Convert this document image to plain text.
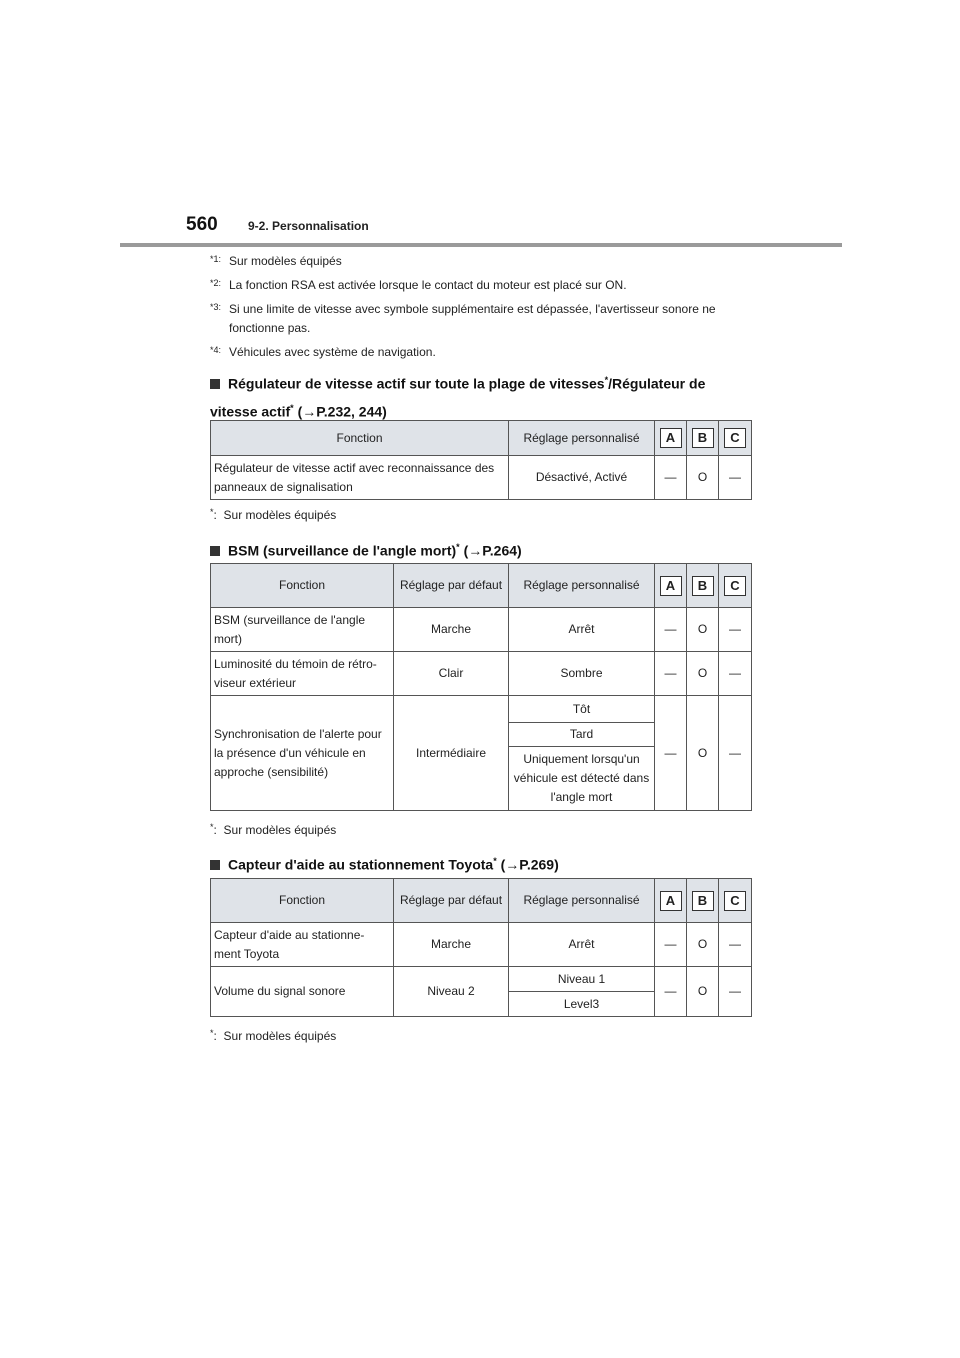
560	9-2. Personnalisation
*1: Sur modèles équipés
*2: La fonction RSA est activée lorsque le contact du moteur est placé sur ON.
*3: Si une limite de vitesse avec symbole supplémentaire est dépassée, l'avertisseur sonore ne fonctionne pas.
*4: Véhicules avec système de navigation.
Régulateur de vitesse actif sur toute la plage de vitesses*/Régulateur de
vitesse actif* (→P.232, 244)
Fonction	Réglage personnalisé	A	B	C
Régulateur de vitesse actif avec reconnaissance des panneaux de signalisation	Désactivé, Activé	—	O	—
*:  Sur modèles équipés
BSM (surveillance de l'angle mort)* (→P.264)
Fonction	Réglage par défaut	Réglage personnalisé	A	B	C
BSM (surveillance de l'angle mort)	Marche	Arrêt	—	O	—
Luminosité du témoin de rétro-viseur extérieur	Clair	Sombre	—	O	—
Synchronisation de l'alerte pour la présence d'un véhicule en approche (sensibilité)	Intermédiaire	Tôt	—	O	—
		Tard			
		Uniquement lorsqu'un véhicule est détecté dans l'angle mort			
*:  Sur modèles équipés
Capteur d'aide au stationnement Toyota* (→P.269)
Fonction	Réglage par défaut	Réglage personnalisé	A	B	C
Capteur d'aide au stationne-ment Toyota	Marche	Arrêt	—	O	—
Volume du signal sonore	Niveau 2	Niveau 1	—	O	—
		Level3			
*:  Sur modèles équipés
